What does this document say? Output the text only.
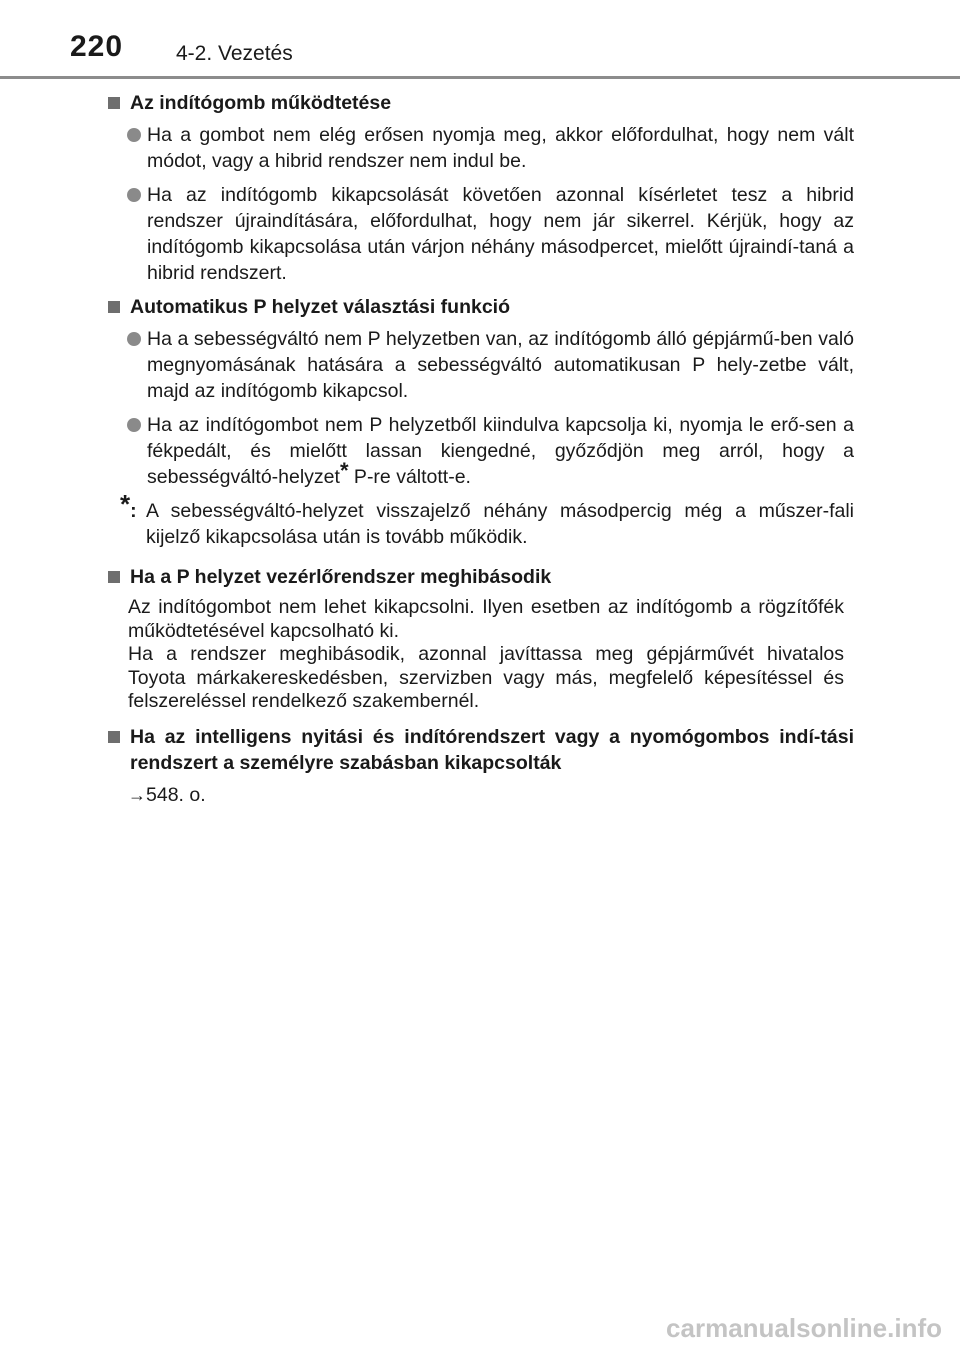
220	4-2. Vezetés
Az indítógomb működtetése
Ha a gombot nem elég erősen nyomja meg, akkor előfordulhat, hogy nem vált módot, vagy a hibrid rendszer nem indul be.
Ha az indítógomb kikapcsolását követően azonnal kísérletet tesz a hibrid rendszer újraindítására, előfordulhat, hogy nem jár sikerrel. Kérjük, hogy az indítógomb kikapcsolása után várjon néhány másodpercet, mielőtt újraindí-taná a hibrid rendszert.
Automatikus P helyzet választási funkció
Ha a sebességváltó nem P helyzetben van, az indítógomb álló gépjármű-ben való megnyomásának hatására a sebességváltó automatikusan P hely-zetbe vált, majd az indítógomb kikapcsol.
Ha az indítógombot nem P helyzetből kiindulva kapcsolja ki, nyomja le erő-sen a fékpedált, és mielőtt lassan kiengedné, győződjön meg arról, hogy a sebességváltó-helyzet* P-re váltott-e.
*: A sebességváltó-helyzet visszajelző néhány másodpercig még a műszer-fali kijelző kikapcsolása után is tovább működik.
Ha a P helyzet vezérlőrendszer meghibásodik
Az indítógombot nem lehet kikapcsolni. Ilyen esetben az indítógomb a rögzítőfék működtetésével kapcsolható ki.
Ha a rendszer meghibásodik, azonnal javíttassa meg gépjárművét hivatalos Toyota márkakereskedésben, szervizben vagy más, megfelelő képesítéssel és felszereléssel rendelkező szakembernél.
Ha az intelligens nyitási és indítórendszert vagy a nyomógombos indí-tási rendszert a személyre szabásban kikapcsolták
→548. o.
carmanualsonline.info
